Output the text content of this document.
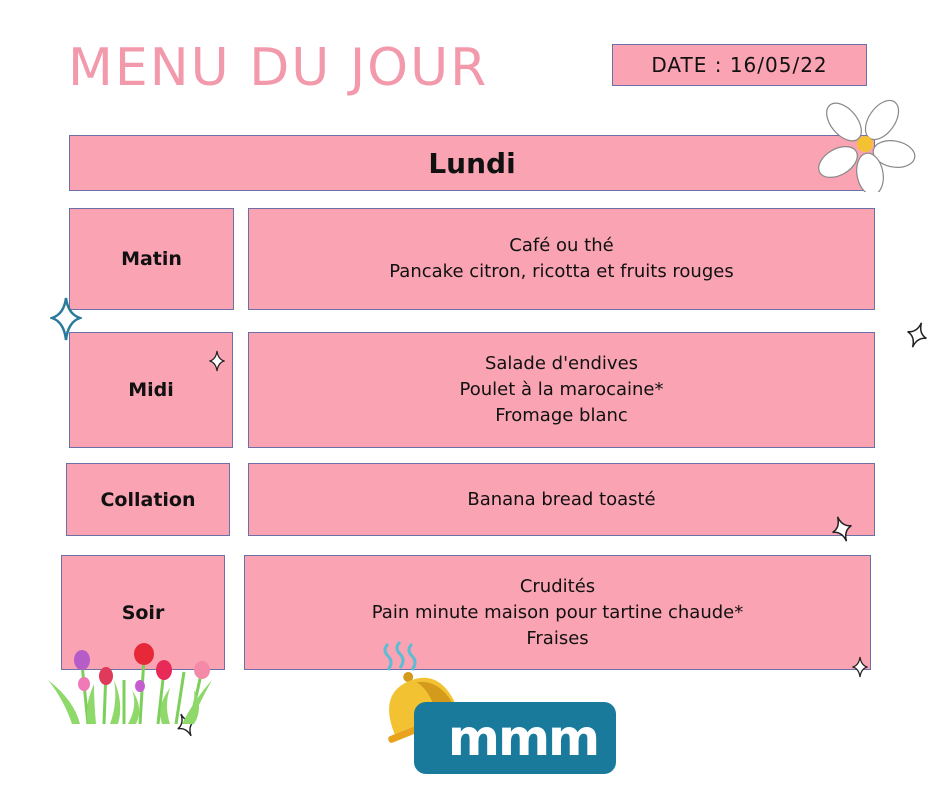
MENU DU JOUR	DATE : 16/05/22
Lundi
Matin
Café ou thé
Pancake citron, ricotta et fruits rouges
Midi
Salade d'endives
Poulet à la marocaine*
Fromage blanc
Collation	Banana bread toasté
Soir
Crudités
Pain minute maison pour tartine chaude*
Fraises
mmm
